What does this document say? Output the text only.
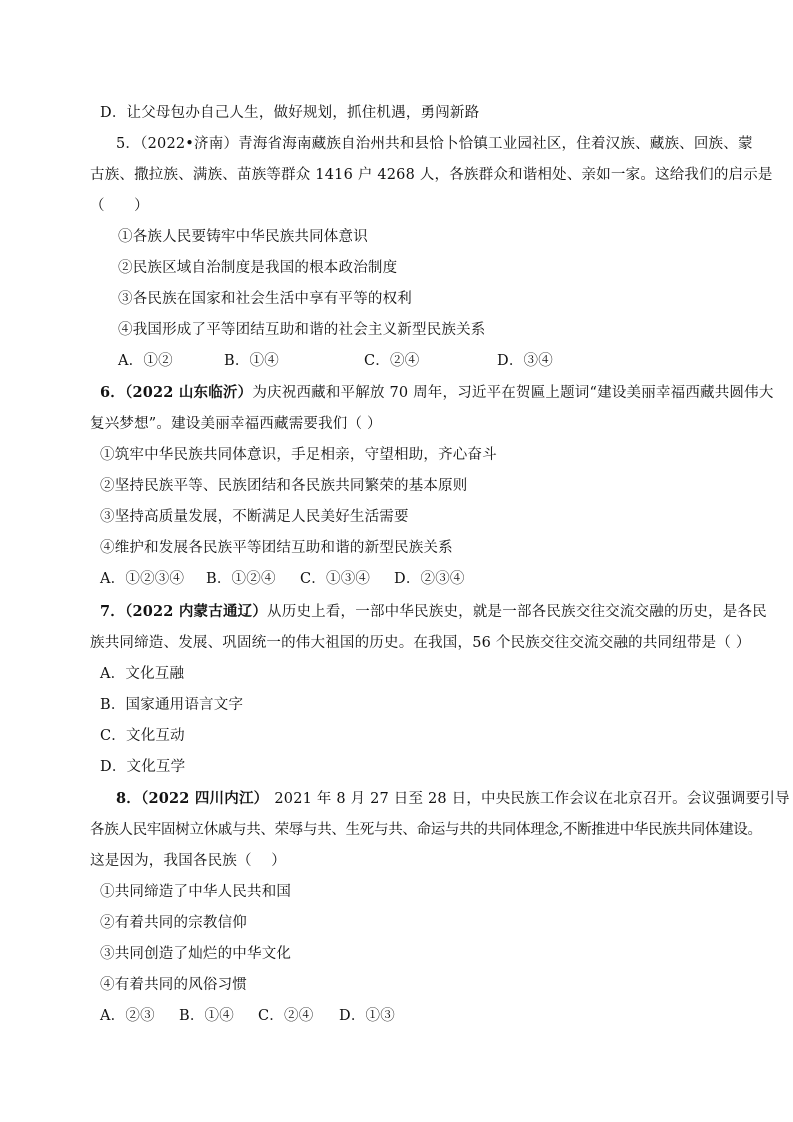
D．让父母包办自己人生，做好规划，抓住机遇，勇闯新路
5．（2022•济南）青海省海南藏族自治州共和县恰卜恰镇工业园社区，住着汉族、藏族、回族、蒙
古族、撒拉族、满族、苗族等群众 1416 户 4268 人，各族群众和谐相处、亲如一家。这给我们的启示是
（　　）
①各族人民要铸牢中华民族共同体意识
②民族区域自治制度是我国的根本政治制度
③各民族在国家和社会生活中享有平等的权利
④我国形成了平等团结互助和谐的社会主义新型民族关系
A．①②	B．①④	C．②④	D．③④
6．（2022 山东临沂）为庆祝西藏和平解放 70 周年，习近平在贺匾上题词“建设美丽幸福西藏共圆伟大
复兴梦想”。建设美丽幸福西藏需要我们（ ）
①筑牢中华民族共同体意识，手足相亲，守望相助，齐心奋斗
②坚持民族平等、民族团结和各民族共同繁荣的基本原则
③坚持高质量发展，不断满足人民美好生活需要
④维护和发展各民族平等团结互助和谐的新型民族关系
A．①②③④ B．①②④ C．①③④ D．②③④
7．（2022 内蒙古通辽）从历史上看，一部中华民族史，就是一部各民族交往交流交融的历史，是各民
族共同缔造、发展、巩固统一的伟大祖国的历史。在我国，56 个民族交往交流交融的共同纽带是（ ）
A．文化互融
B．国家通用语言文字
C．文化互动
D．文化互学
8．（2022 四川内江） 2021 年 8 月 27 日至 28 日，中央民族工作会议在北京召开。会议强调要引导
各族人民牢固树立休戚与共、荣辱与共、生死与共、命运与共的共同体理念,不断推进中华民族共同体建设。
这是因为，我国各民族（　 ）
①共同缔造了中华人民共和国
②有着共同的宗教信仰
③共同创造了灿烂的中华文化
④有着共同的风俗习惯
A．②③ B．①④ C．②④ D．①③
